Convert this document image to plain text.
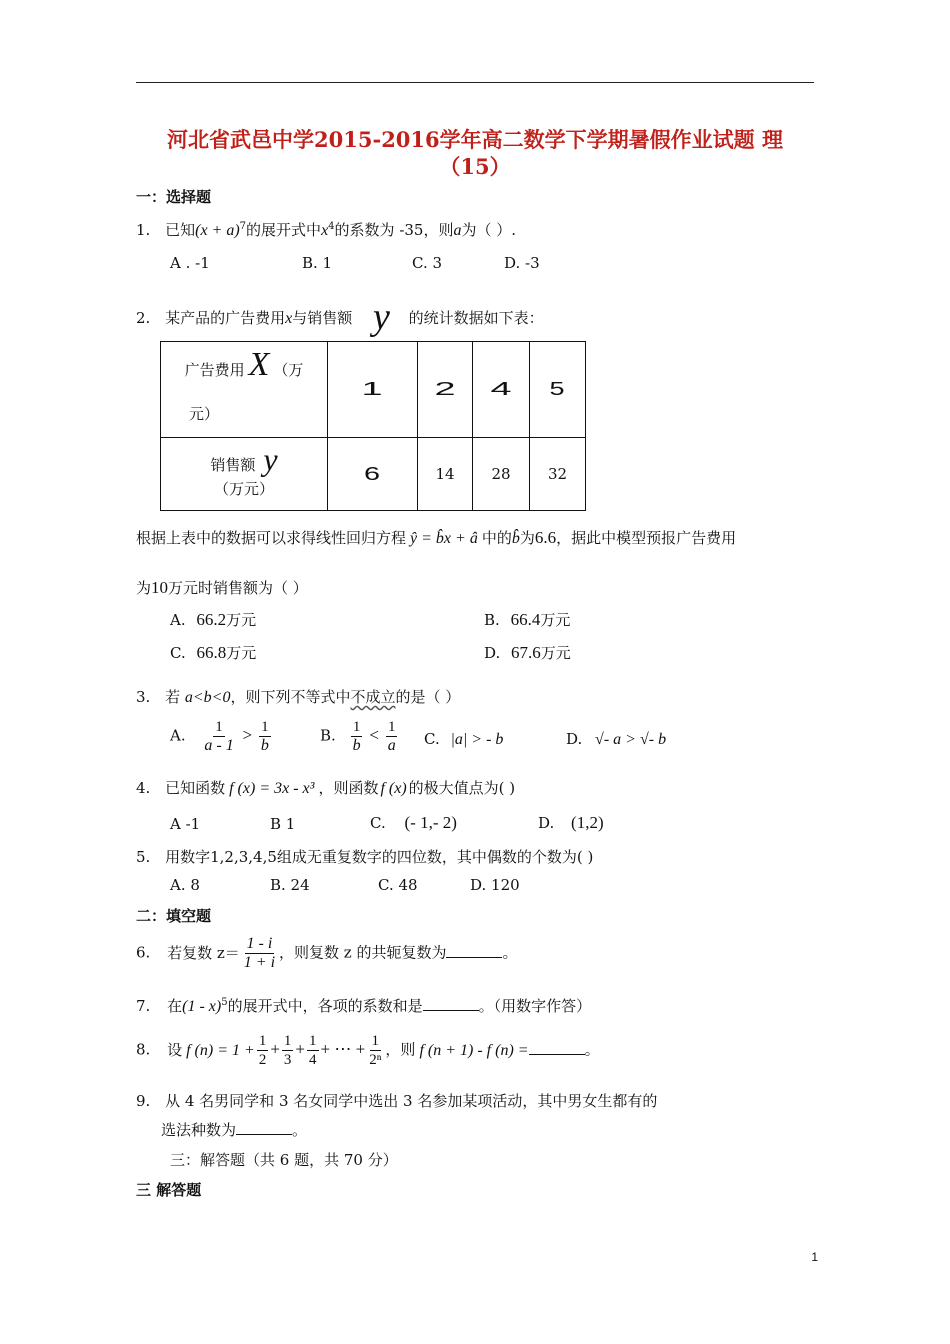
河北省武邑中学2015-2016学年高二数学下学期暑假作业试题 理
（15）
一：选择题
1. 已知$(x + a)^7$的展开式中$x^4$的系数为 -35，则a为（ ）.
A . -1	B. 1	C. 3	D. -3
2. 某产品的广告费用x与销售额 y 的统计数据如下表：
广告费用 X （万
元）	1	2	4	5
销售额 y
（万元）	6	14	28	32
根据上表中的数据可以求得线性回归方程 ŷ = b̂x + â 中的b̂为6.6，据此中模型预报广告费用
为10万元时销售额为（ ）
A. 66.2万元	B. 66.4万元
C. 66.8万元	D. 67.6万元
3. 若 a<b<0，则下列不等式中不成立的是（ ）
A. $\frac{1}{a - 1} > \frac{1}{b}$	B. $\frac{1}{b} < \frac{1}{a} C$. |a| > - b	D. √- a > √- b
4. 已知函数 f (x) = 3x - x³ ，则函数 f (x) 的极大值点为( )
A -1	B 1	C. (- 1,- 2)	D. (1,2)
5. 用数字1,2,3,4,5组成无重复数字的四位数，其中偶数的个数为( )
A. 8	B. 24	C. 48	D. 120
二：填空题
6. 若复数 $z= \frac{1 - i}{1 + i}$ ，则复数 z 的共轭复数为	。
7. 在(1 - x)$^5$的展开式中，各项的系数和是	。（用数字作答）
8. 设 f $(n) = 1 + \frac{1}{2} + \frac{1}{3} + \frac{1}{4}$ + ⋯ + $\frac{1}{\text{2ⁿ}}$ ，则 f (n + 1) - f (n) =	。
9. 从 4 名男同学和 3 名女同学中选出 3 名参加某项活动，其中男女生都有的
选法种数为	。
三：解答题（共 6 题，共 70 分）
三 解答题
1
